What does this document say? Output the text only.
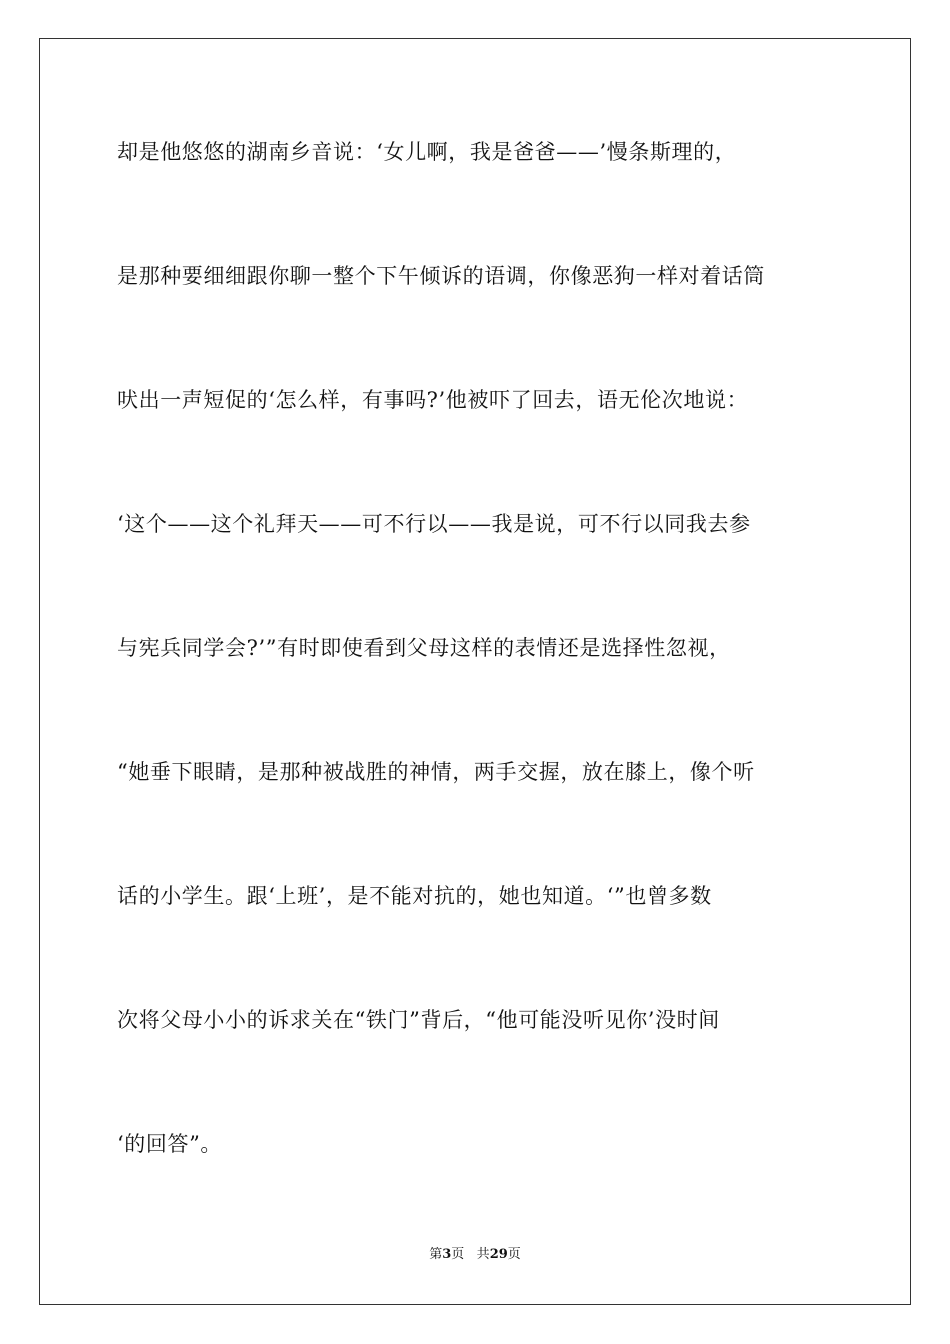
却是他悠悠的湖南乡音说：‘女儿啊，我是爸爸——’慢条斯理的，
是那种要细细跟你聊一整个下午倾诉的语调，你像恶狗一样对着话筒
吠出一声短促的‘怎么样，有事吗?’他被吓了回去，语无伦次地说：
‘这个——这个礼拜天——可不行以——我是说，可不行以同我去参
与宪兵同学会?’”有时即使看到父母这样的表情还是选择性忽视，
“她垂下眼睛，是那种被战胜的神情，两手交握，放在膝上，像个听
话的小学生。跟‘上班’，是不能对抗的，她也知道。‘”也曾多数
次将父母小小的诉求关在“铁门”背后，“他可能没听见你’没时间
‘的回答”。
第3页 共29页
